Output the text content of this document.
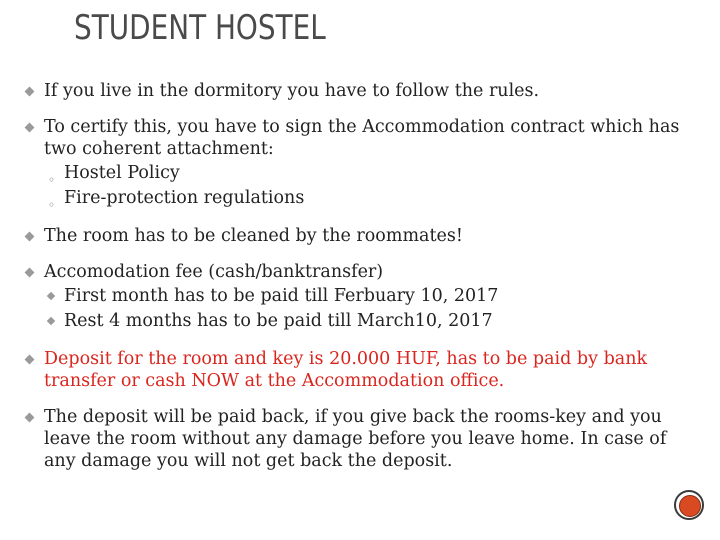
STUDENT HOSTEL
If you live in the dormitory you have to follow the rules.
To certify this, you have to sign the Accommodation contract which has two coherent attachment:
◦ Hostel Policy
◦ Fire-protection regulations
The room has to be cleaned by the roommates!
Accomodation fee (cash/banktransfer)
First month has to be paid till Ferbuary 10, 2017
Rest 4 months has to be paid till March10, 2017
Deposit for the room and key is 20.000 HUF, has to be paid by bank transfer or cash NOW at the Accommodation office.
The deposit will be paid back, if you give back the rooms-key and you leave the room without any damage before you leave home. In case of any damage you will not get back the deposit.
